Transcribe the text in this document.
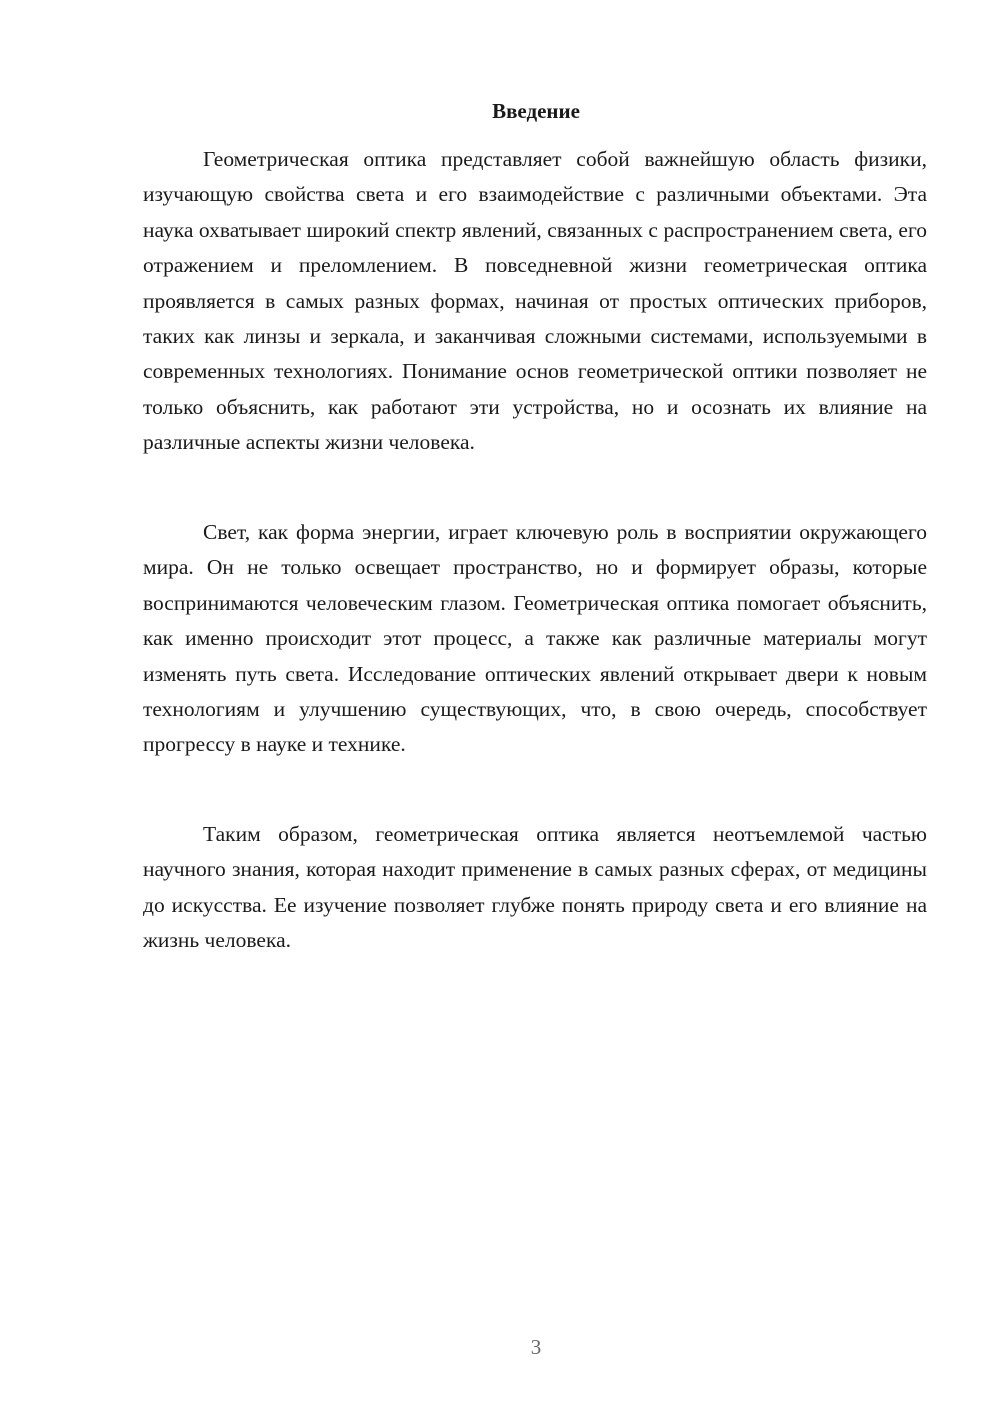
Введение

Геометрическая оптика представляет собой важнейшую область физики, изучающую свойства света и его взаимодействие с различными объектами. Эта наука охватывает широкий спектр явлений, связанных с распространением света, его отражением и преломлением. В повседневной жизни геометрическая оптика проявляется в самых разных формах, начиная от простых оптических приборов, таких как линзы и зеркала, и заканчивая сложными системами, используемыми в современных технологиях. Понимание основ геометрической оптики позволяет не только объяснить, как работают эти устройства, но и осознать их влияние на различные аспекты жизни человека.

Свет, как форма энергии, играет ключевую роль в восприятии окружающего мира. Он не только освещает пространство, но и формирует образы, которые воспринимаются человеческим глазом. Геометрическая оптика помогает объяснить, как именно происходит этот процесс, а также как различные материалы могут изменять путь света. Исследование оптических явлений открывает двери к новым технологиям и улучшению существующих, что, в свою очередь, способствует прогрессу в науке и технике.

Таким образом, геометрическая оптика является неотъемлемой частью научного знания, которая находит применение в самых разных сферах, от медицины до искусства. Ее изучение позволяет глубже понять природу света и его влияние на жизнь человека.

3
